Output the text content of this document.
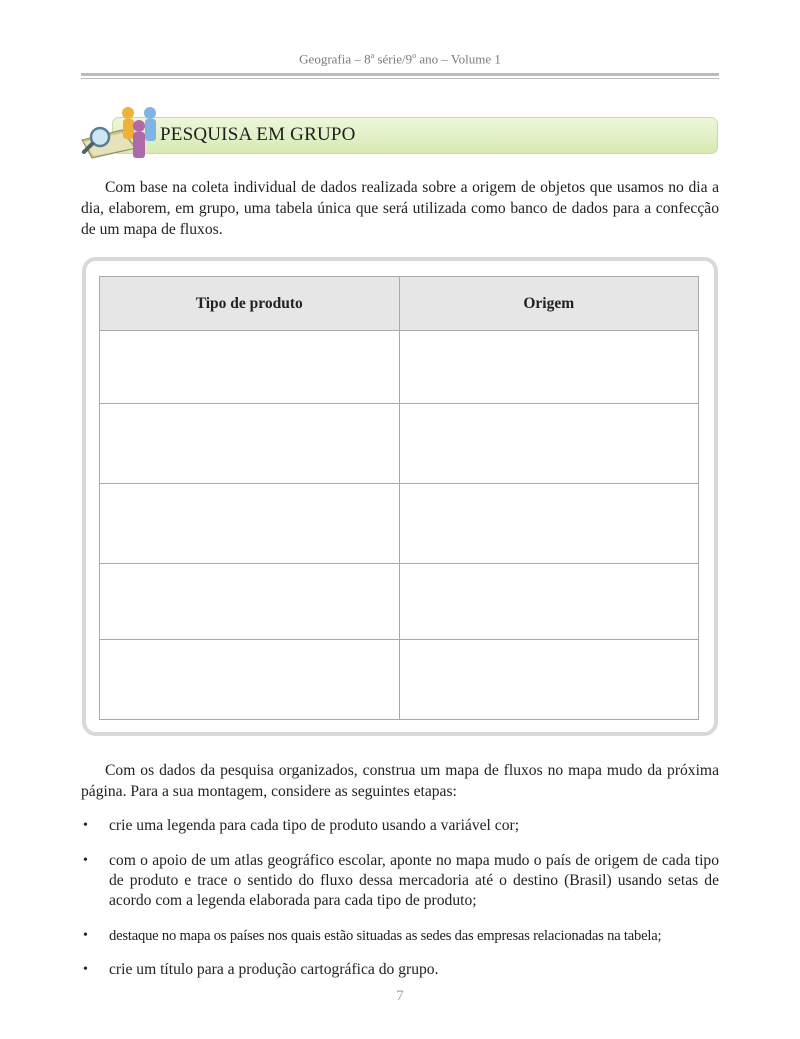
Geografia – 8$^a$ série/9$^o$ ano – Volume 1
PESQUISA EM GRUPO

Com base na coleta individual de dados realizada sobre a origem de objetos que usamos no dia a dia, elaborem, em grupo, uma tabela única que será utilizada como banco de dados para a confecção de um mapa de fluxos.

Tipo de produto	Origem

Com os dados da pesquisa organizados, construa um mapa de fluxos no mapa mudo da próxima página. Para a sua montagem, considere as seguintes etapas:

• crie uma legenda para cada tipo de produto usando a variável cor;
• com o apoio de um atlas geográfico escolar, aponte no mapa mudo o país de origem de cada tipo de produto e trace o sentido do fluxo dessa mercadoria até o destino (Brasil) usando setas de acordo com a legenda elaborada para cada tipo de produto;
• destaque no mapa os países nos quais estão situadas as sedes das empresas relacionadas na tabela;
• crie um título para a produção cartográfica do grupo.
7
